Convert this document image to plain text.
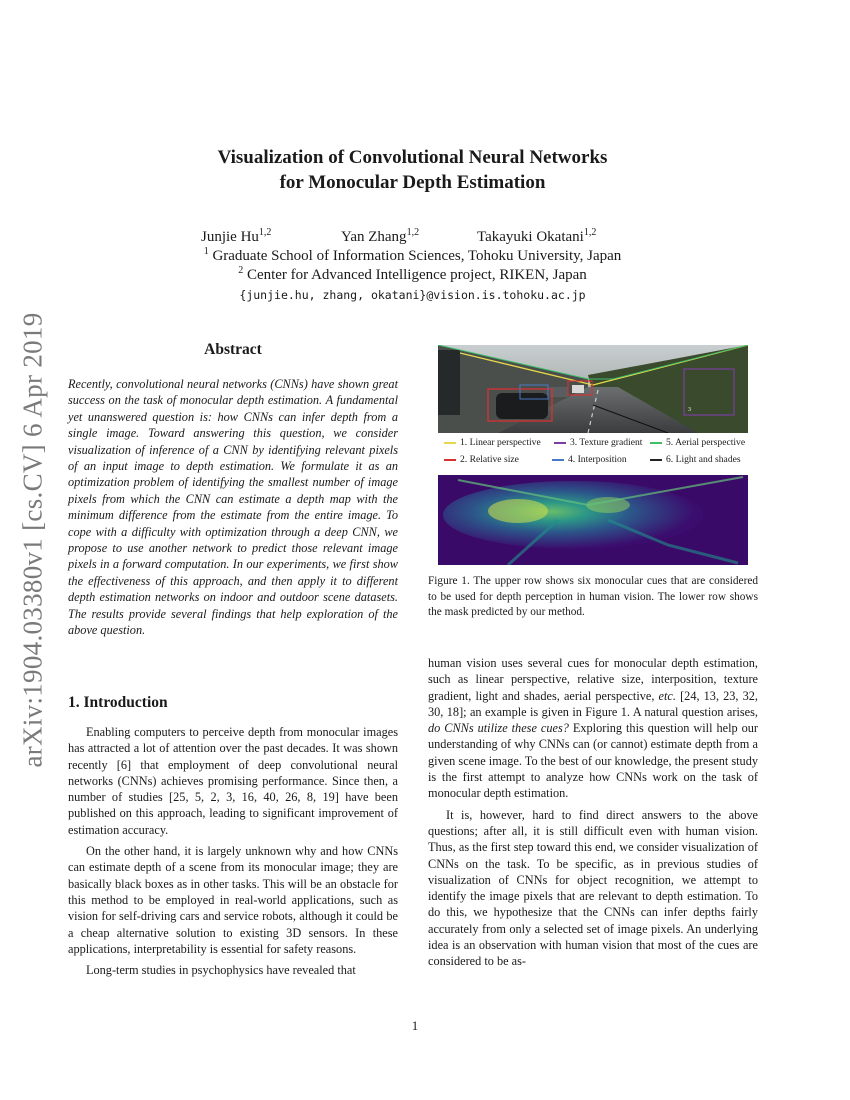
arXiv:1904.03380v1 [cs.CV] 6 Apr 2019
Visualization of Convolutional Neural Networks
for Monocular Depth Estimation
Junjie Hu$^{1,2}$	Yan Zhang$^{1,2}$	Takayuki Okatani$^{1,2}$
$^1$ Graduate School of Information Sciences, Tohoku University, Japan
$^2$ Center for Advanced Intelligence project, RIKEN, Japan
{junjie.hu, zhang, okatani}@vision.is.tohoku.ac.jp
Abstract
Recently, convolutional neural networks (CNNs) have shown great success on the task of monocular depth estimation. A fundamental yet unanswered question is: how CNNs can infer depth from a single image. Toward answering this question, we consider visualization of inference of a CNN by identifying relevant pixels of an input image to depth estimation. We formulate it as an optimization problem of identifying the smallest number of image pixels from which the CNN can estimate a depth map with the minimum difference from the estimate from the entire image. To cope with a difficulty with optimization through a deep CNN, we propose to use another network to predict those relevant image pixels in a forward computation. In our experiments, we first show the effectiveness of this approach, and then apply it to different depth estimation networks on indoor and outdoor scene datasets. The results provide several findings that help exploration of the above question.
1. Introduction

Enabling computers to perceive depth from monocular images has attracted a lot of attention over the past decades. It was shown recently [6] that employment of deep convolutional neural networks (CNNs) achieves promising performance. Since then, a number of studies [25, 5, 2, 3, 16, 40, 26, 8, 19] have been published on this approach, leading to significant improvement of estimation accuracy.

On the other hand, it is largely unknown why and how CNNs can estimate depth of a scene from its monocular image; they are basically black boxes as in other tasks. This will be an obstacle for this method to be employed in real-world applications, such as vision for self-driving cars and service robots, although it could be a cheap alternative solution to existing 3D sensors. In these applications, interpretability is essential for safety reasons.

Long-term studies in psychophysics have revealed that

human vision uses several cues for monocular depth estimation, such as linear perspective, relative size, interposition, texture gradient, light and shades, aerial perspective, etc. [24, 13, 23, 32, 30, 18]; an example is given in Figure 1. A natural question arises, do CNNs utilize these cues? Exploring this question will help our understanding of why CNNs can (or cannot) estimate depth from a given scene image. To the best of our knowledge, the present study is the first attempt to analyze how CNNs work on the task of monocular depth estimation.

It is, however, hard to find direct answers to the above questions; after all, it is still difficult even with human vision. Thus, as the first step toward this end, we consider visualization of CNNs on the task. To be specific, as in previous studies of visualization of CNNs for object recognition, we attempt to identify the image pixels that are relevant to depth estimation. To do this, we hypothesize that the CNNs can infer depths fairly accurately from only a selected set of image pixels. An underlying idea is an observation with human vision that most of the cues are considered to be as-

3
1. Linear perspective	3. Texture gradient 5. Aerial perspective
2. Relative size	4. Interposition	6. Light and shades
Figure 1. The upper row shows six monocular cues that are considered to be used for depth perception in human vision. The lower row shows the mask predicted by our method.
1
